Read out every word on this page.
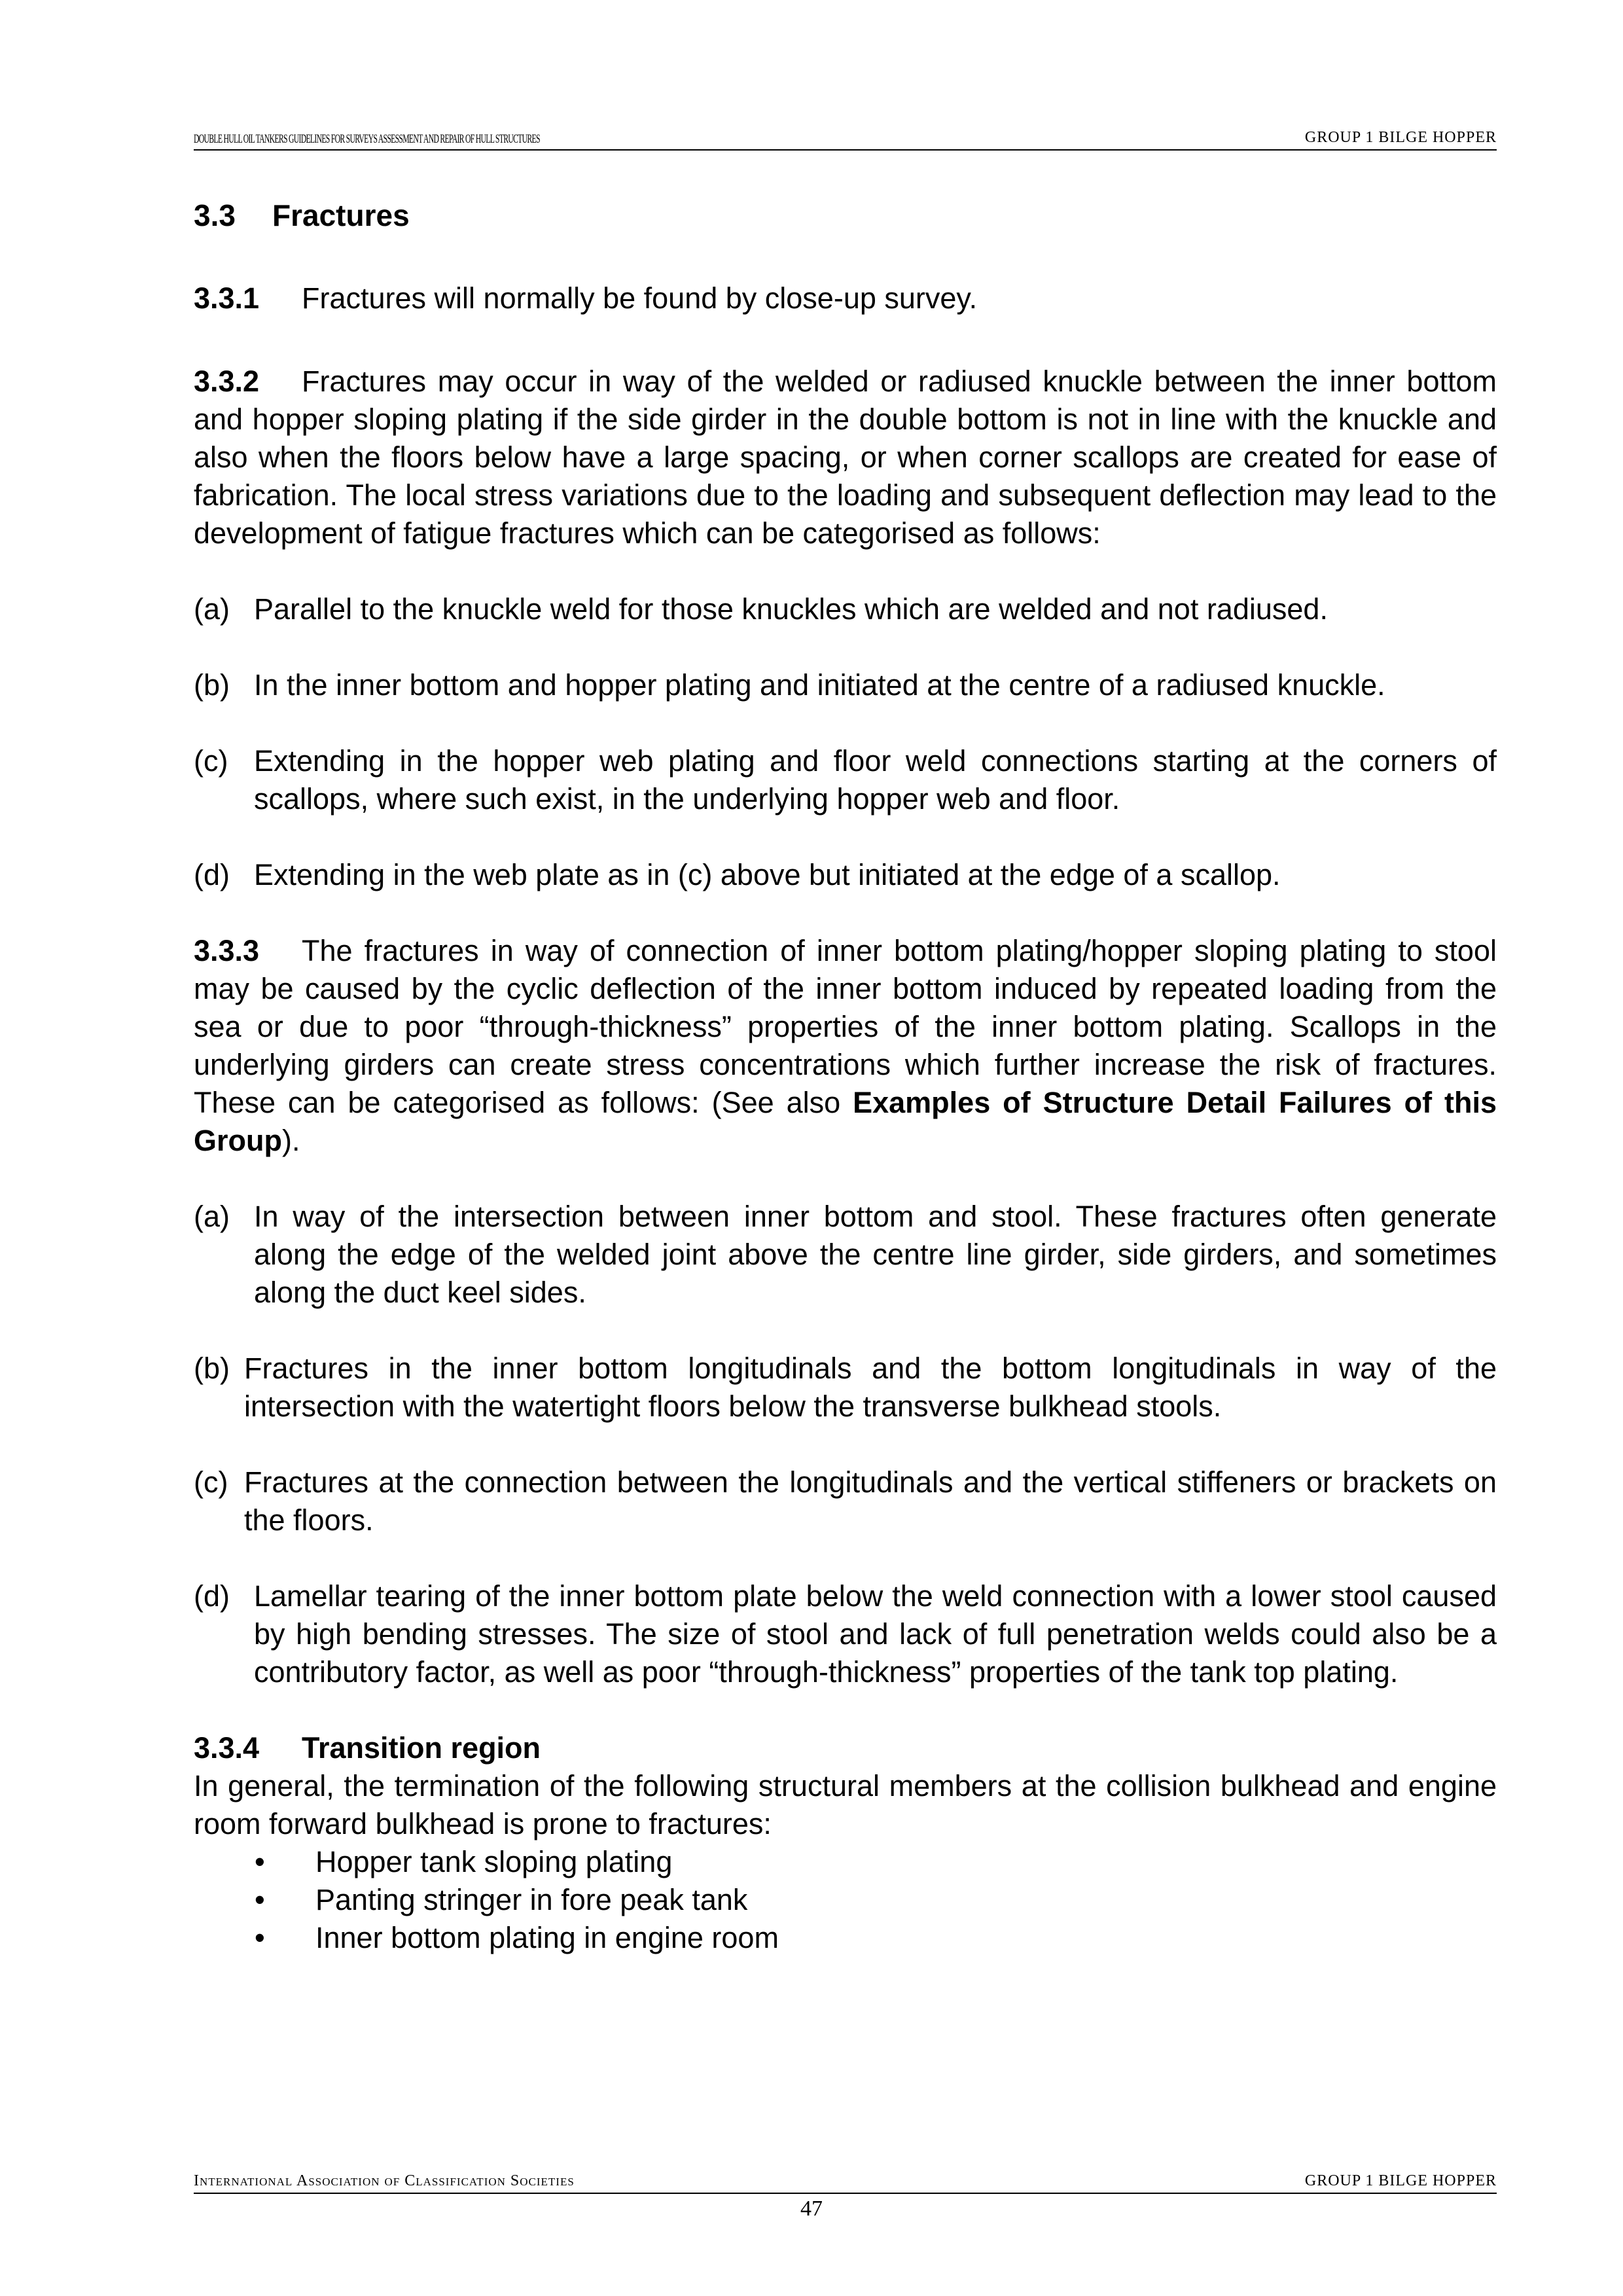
DOUBLE HULL OIL TANKERS GUIDELINES FOR SURVEYS ASSESSMENT AND REPAIR OF HULL STRUCTURES	GROUP 1 BILGE HOPPER
3.3 Fractures

3.3.1 Fractures will normally be found by close-up survey.

3.3.2 Fractures may occur in way of the welded or radiused knuckle between the inner bottom and hopper sloping plating if the side girder in the double bottom is not in line with the knuckle and also when the floors below have a large spacing, or when corner scallops are created for ease of fabrication. The local stress variations due to the loading and subsequent deflection may lead to the development of fatigue fractures which can be categorised as follows:

(a) Parallel to the knuckle weld for those knuckles which are welded and not radiused.

(b) In the inner bottom and hopper plating and initiated at the centre of a radiused knuckle.

(c) Extending in the hopper web plating and floor weld connections starting at the corners of scallops, where such exist, in the underlying hopper web and floor.

(d) Extending in the web plate as in (c) above but initiated at the edge of a scallop.

3.3.3 The fractures in way of connection of inner bottom plating/hopper sloping plating to stool may be caused by the cyclic deflection of the inner bottom induced by repeated loading from the sea or due to poor “through-thickness” properties of the inner bottom plating. Scallops in the underlying girders can create stress concentrations which further increase the risk of fractures. These can be categorised as follows: (See also Examples of Structure Detail Failures of this Group).

(a) In way of the intersection between inner bottom and stool. These fractures often generate along the edge of the welded joint above the centre line girder, side girders, and sometimes along the duct keel sides.

(b) Fractures in the inner bottom longitudinals and the bottom longitudinals in way of the intersection with the watertight floors below the transverse bulkhead stools.

(c) Fractures at the connection between the longitudinals and the vertical stiffeners or brackets on the floors.

(d) Lamellar tearing of the inner bottom plate below the weld connection with a lower stool caused by high bending stresses. The size of stool and lack of full penetration welds could also be a contributory factor, as well as poor “through-thickness” properties of the tank top plating.

3.3.4 Transition region

In general, the termination of the following structural members at the collision bulkhead and engine room forward bulkhead is prone to fractures:

• Hopper tank sloping plating
• Panting stringer in fore peak tank
• Inner bottom plating in engine room
International Association of Classification Societies	GROUP 1 BILGE HOPPER
47
